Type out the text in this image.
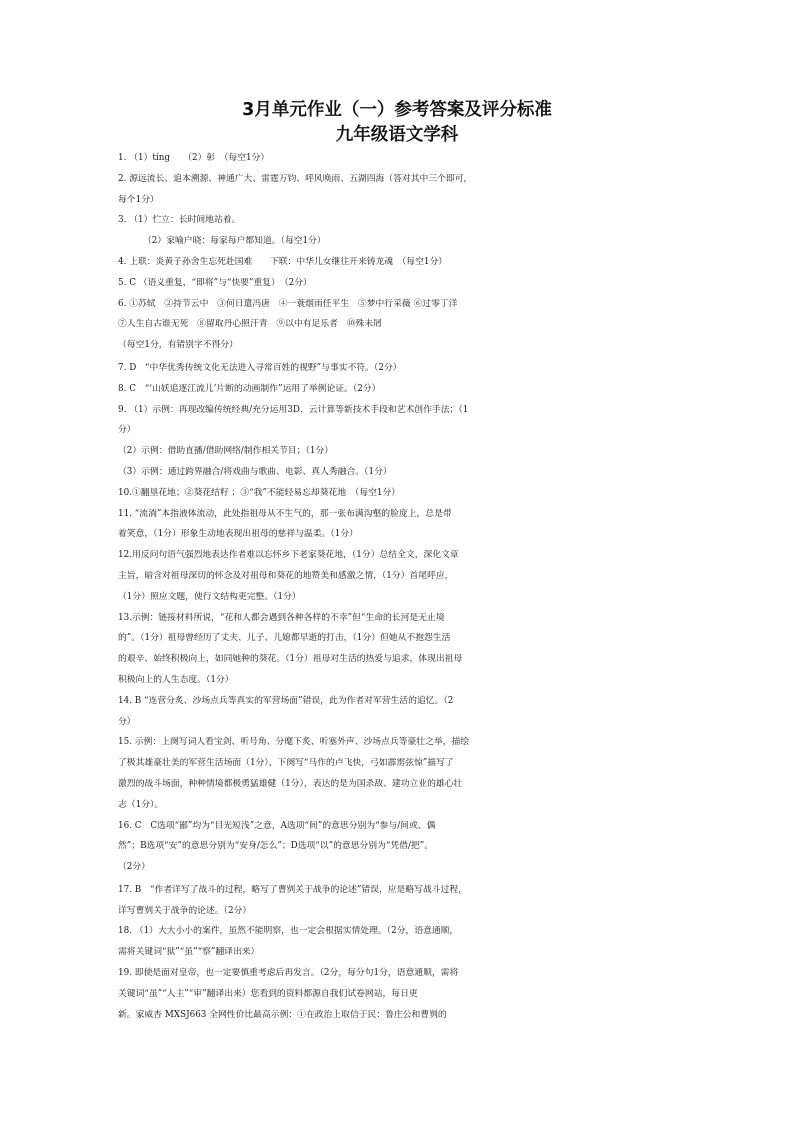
3月单元作业（一）参考答案及评分标准
九年级语文学科

1. （1）tíng　　（2）彰　（每空1分）

2. 源远流长、追本溯源、神通广大、雷霆万钧、呼风唤雨、五湖四海（答对其中三个即可，

每个1分）

3. （1）伫立：长时间地站着。

（2）家喻户晓：每家每户都知道。（每空1分）

4. 上联：炎黄子孙舍生忘死赴国难　　下联：中华儿女继往开来铸龙魂　（每空1分）

5. C （语义重复，“即将”与“快要”重复）　（2分）

6. ①苏轼　②持节云中　③何日遣冯唐　④一蓑烟雨任平生　⑤梦中行采薇 ⑥过零丁洋

⑦人生自古谁无死　⑧留取丹心照汗青　⑨以中有足乐者　⑩殊未屑

（每空1分，有错别字不得分）

7. D　“中华优秀传统文化无法进入寻常百姓的视野”与事实不符。（2分）

8. C　“‘山妖追逐江流儿’片断的动画制作”运用了举例论证。（2分）

9. （1）示例：再现改编传统经典/充分运用3D、云计算等新技术手段和艺术创作手法；（1

分）

（2）示例：借助直播/借助网络/制作相关节目；（1分）

（3）示例：通过跨界融合/将戏曲与歌曲、电影、真人秀融合。（1分）

10.①翻垦花地；②葵花结籽 ；③“我”不能轻易忘却葵花地　（每空1分）

11. “流淌”本指液体流动，此处指祖母从不生气的，那一张布满沟壑的脸庞上，总是带

着笑意，（1分）形象生动地表现出祖母的慈祥与温柔。（1分）

12.用反问句语气强烈地表达作者难以忘怀乡下老家葵花地，（1分）总结全文，深化文章

主旨，暗含对祖母深切的怀念及对祖母和葵花的地赞美和感激之情，（1分）首尾呼应，

（1分）照应文题，使行文结构更完整。（1分）

13.示例：链接材料所说，“花和人都会遇到各种各样的不幸”但“生命的长河是无止境

的”。（1分）祖母曾经历了丈夫、儿子、儿媳都早逝的打击，（1分）但她从不抱怨生活

的艰辛、始终积极向上，如同她种的葵花。（1分）祖母对生活的热爱与追求，体现出祖母

积极向上的人生态度。（1分）

14. B “连营分炙、沙场点兵等真实的军营场面”错误，此为作者对军营生活的追忆。（2

分）

15. 示例：上阕写词人看宝剑、听号角、分麾下炙、听塞外声、沙场点兵等豪壮之举，描绘

了极其雄豪壮美的军营生活场面（1分），下阕写“马作的卢飞快，弓如霹雳弦惊”描写了

激烈的战斗场面，种种情境都极勇猛雄健（1分），表达的是为国杀敌、建功立业的雄心壮

志（1分）。

16. C　C选项“鄙”均为“目光短浅”之意，A选项“间”的意思分别为“参与/间或、偶

然”；B选项“安”的意思分别为“安身/怎么”；D选项“以”的意思分别为“凭借/把”。

（2分）

17. B　“作者详写了战斗的过程，略写了曹刿关于战争的论述”错误，应是略写战斗过程，

详写曹刿关于战争的论述。（2分）

18. （1）大大小小的案件，虽然不能明察，也一定会根据实情处理。（2分，语意通顺，

需将关键词“狱”“虽”“察”翻译出来）

19. 即使是面对皇帝，也一定要慎重考虑后再发言。（2分，每分句1分，语意通顺，需将

关键词“虽”“人主”“审”翻译出来）您看到的资料都源自我们试卷网站，每日更

新。家威杏 MXSJ663 全网性价比最高示例：①在政治上取信于民：鲁庄公和曹刿的
